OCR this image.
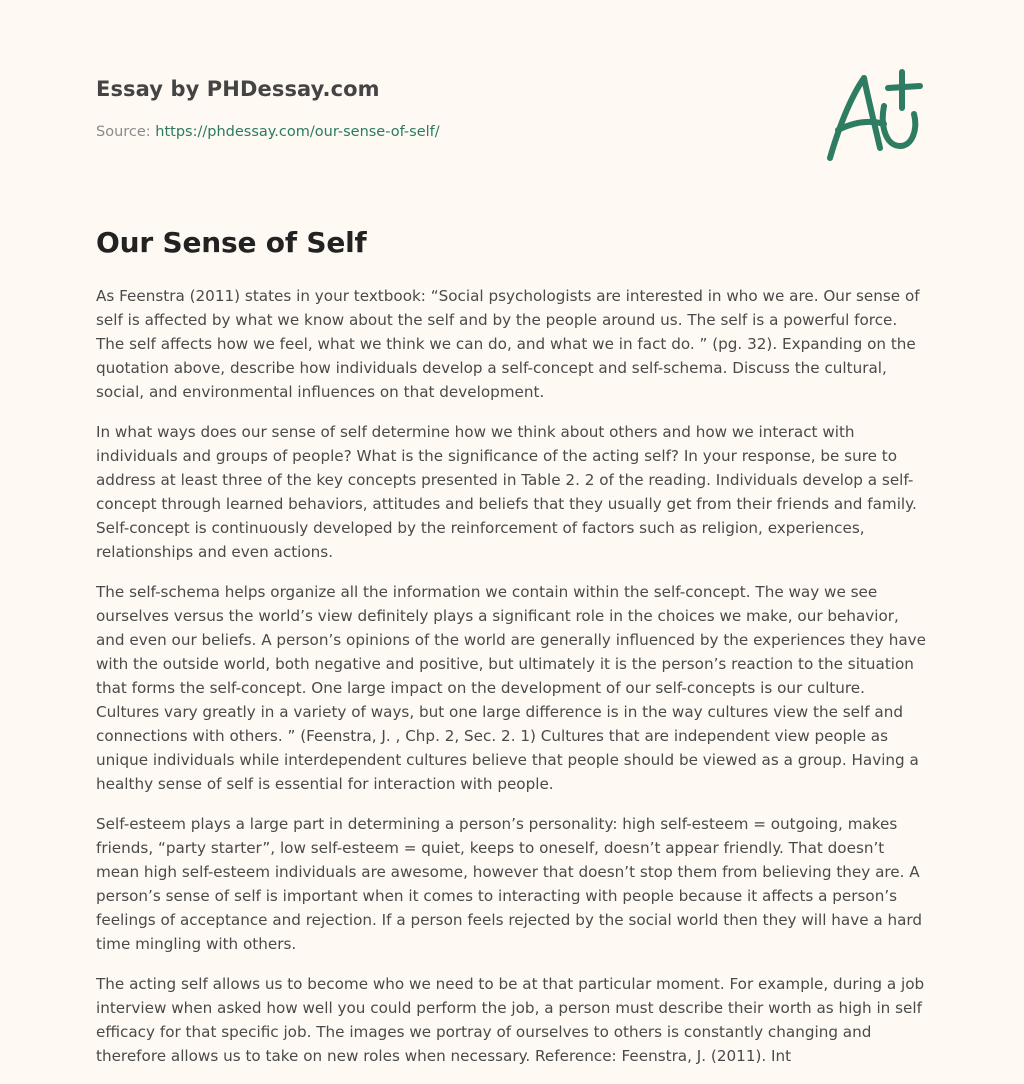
Essay by PHDessay.com
Source: https://phdessay.com/our-sense-of-self/
Our Sense of Self

As Feenstra (2011) states in your textbook: “Social psychologists are interested in who we are. Our sense of self is affected by what we know about the self and by the people around us. The self is a powerful force. The self affects how we feel, what we think we can do, and what we in fact do. ” (pg. 32). Expanding on the quotation above, describe how individuals develop a self-concept and self-schema. Discuss the cultural, social, and environmental influences on that development.

In what ways does our sense of self determine how we think about others and how we interact with individuals and groups of people? What is the significance of the acting self? In your response, be sure to address at least three of the key concepts presented in Table 2. 2 of the reading. Individuals develop a self-concept through learned behaviors, attitudes and beliefs that they usually get from their friends and family. Self-concept is continuously developed by the reinforcement of factors such as religion, experiences, relationships and even actions.

The self-schema helps organize all the information we contain within the self-concept. The way we see ourselves versus the world’s view definitely plays a significant role in the choices we make, our behavior, and even our beliefs. A person’s opinions of the world are generally influenced by the experiences they have with the outside world, both negative and positive, but ultimately it is the person’s reaction to the situation that forms the self-concept. One large impact on the development of our self-concepts is our culture. Cultures vary greatly in a variety of ways, but one large difference is in the way cultures view the self and connections with others. ” (Feenstra, J. , Chp. 2, Sec. 2. 1) Cultures that are independent view people as unique individuals while interdependent cultures believe that people should be viewed as a group. Having a healthy sense of self is essential for interaction with people.

Self-esteem plays a large part in determining a person’s personality: high self-esteem = outgoing, makes friends, “party starter”, low self-esteem = quiet, keeps to oneself, doesn’t appear friendly. That doesn’t mean high self-esteem individuals are awesome, however that doesn’t stop them from believing they are. A person’s sense of self is important when it comes to interacting with people because it affects a person’s feelings of acceptance and rejection. If a person feels rejected by the social world then they will have a hard time mingling with others.

The acting self allows us to become who we need to be at that particular moment. For example, during a job interview when asked how well you could perform the job, a person must describe their worth as high in self efficacy for that specific job. The images we portray of ourselves to others is constantly changing and therefore allows us to take on new roles when necessary. Reference: Feenstra, J. (2011). Int
